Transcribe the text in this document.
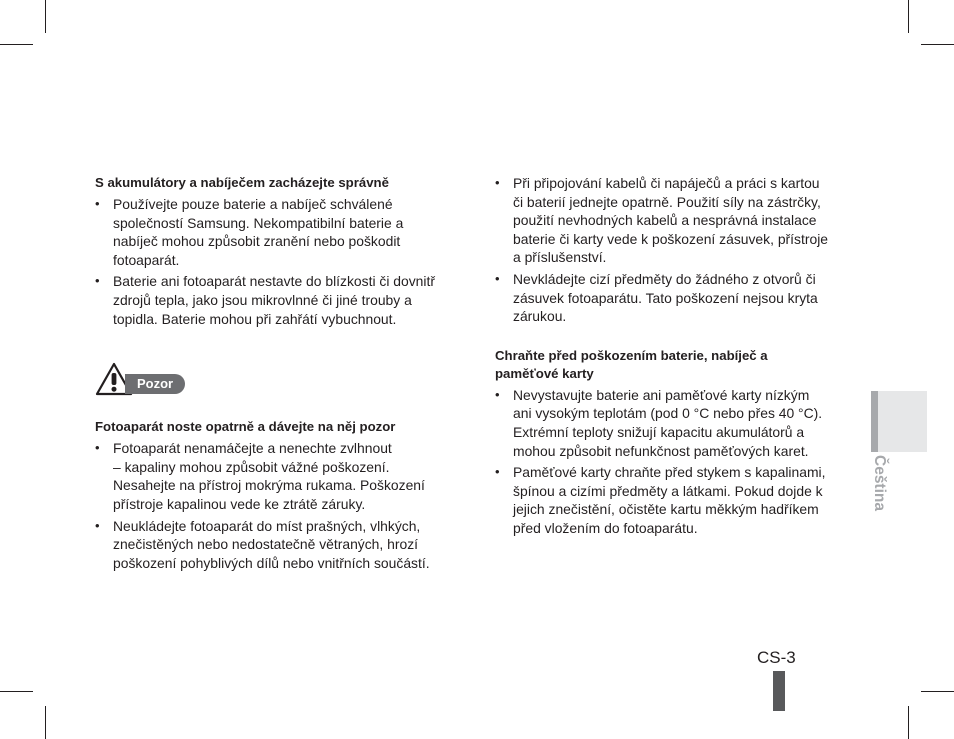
S akumulátory a nabíječem zacházejte správně

• Používejte pouze baterie a nabíječ schválené
společností Samsung. Nekompatibilní baterie a
nabíječ mohou způsobit zranění nebo poškodit
fotoaparát.
• Baterie ani fotoaparát nestavte do blízkosti či dovnitř
zdrojů tepla, jako jsou mikrovlnné či jiné trouby a
topidla. Baterie mohou při zahřátí vybuchnout.
Pozor

Fotoaparát noste opatrně a dávejte na něj pozor

• Fotoaparát nenamáčejte a nenechte zvlhnout
– kapaliny mohou způsobit vážné poškození.
Nesahejte na přístroj mokrýma rukama. Poškození
přístroje kapalinou vede ke ztrátě záruky.
• Neukládejte fotoaparát do míst prašných, vlhkých,
znečistěných nebo nedostatečně větraných, hrozí
poškození pohyblivých dílů nebo vnitřních součástí.
• Při připojování kabelů či napáječů a práci s kartou
či baterií jednejte opatrně. Použití síly na zástrčky,
použití nevhodných kabelů a nesprávná instalace
baterie či karty vede k poškození zásuvek, přístroje
a příslušenství.
• Nevkládejte cizí předměty do žádného z otvorů či
zásuvek fotoaparátu. Tato poškození nejsou kryta
zárukou.

Chraňte před poškozením baterie, nabíječ a
paměťové karty

• Nevystavujte baterie ani paměťové karty nízkým
ani vysokým teplotám (pod 0 °C nebo přes 40 °C).
Extrémní teploty snižují kapacitu akumulátorů a
mohou způsobit nefunkčnost paměťových karet.
• Paměťové karty chraňte před stykem s kapalinami,
špínou a cizími předměty a látkami. Pokud dojde k
jejich znečistění, očistěte kartu měkkým hadříkem
před vložením do fotoaparátu.
Čeština
CS-3
